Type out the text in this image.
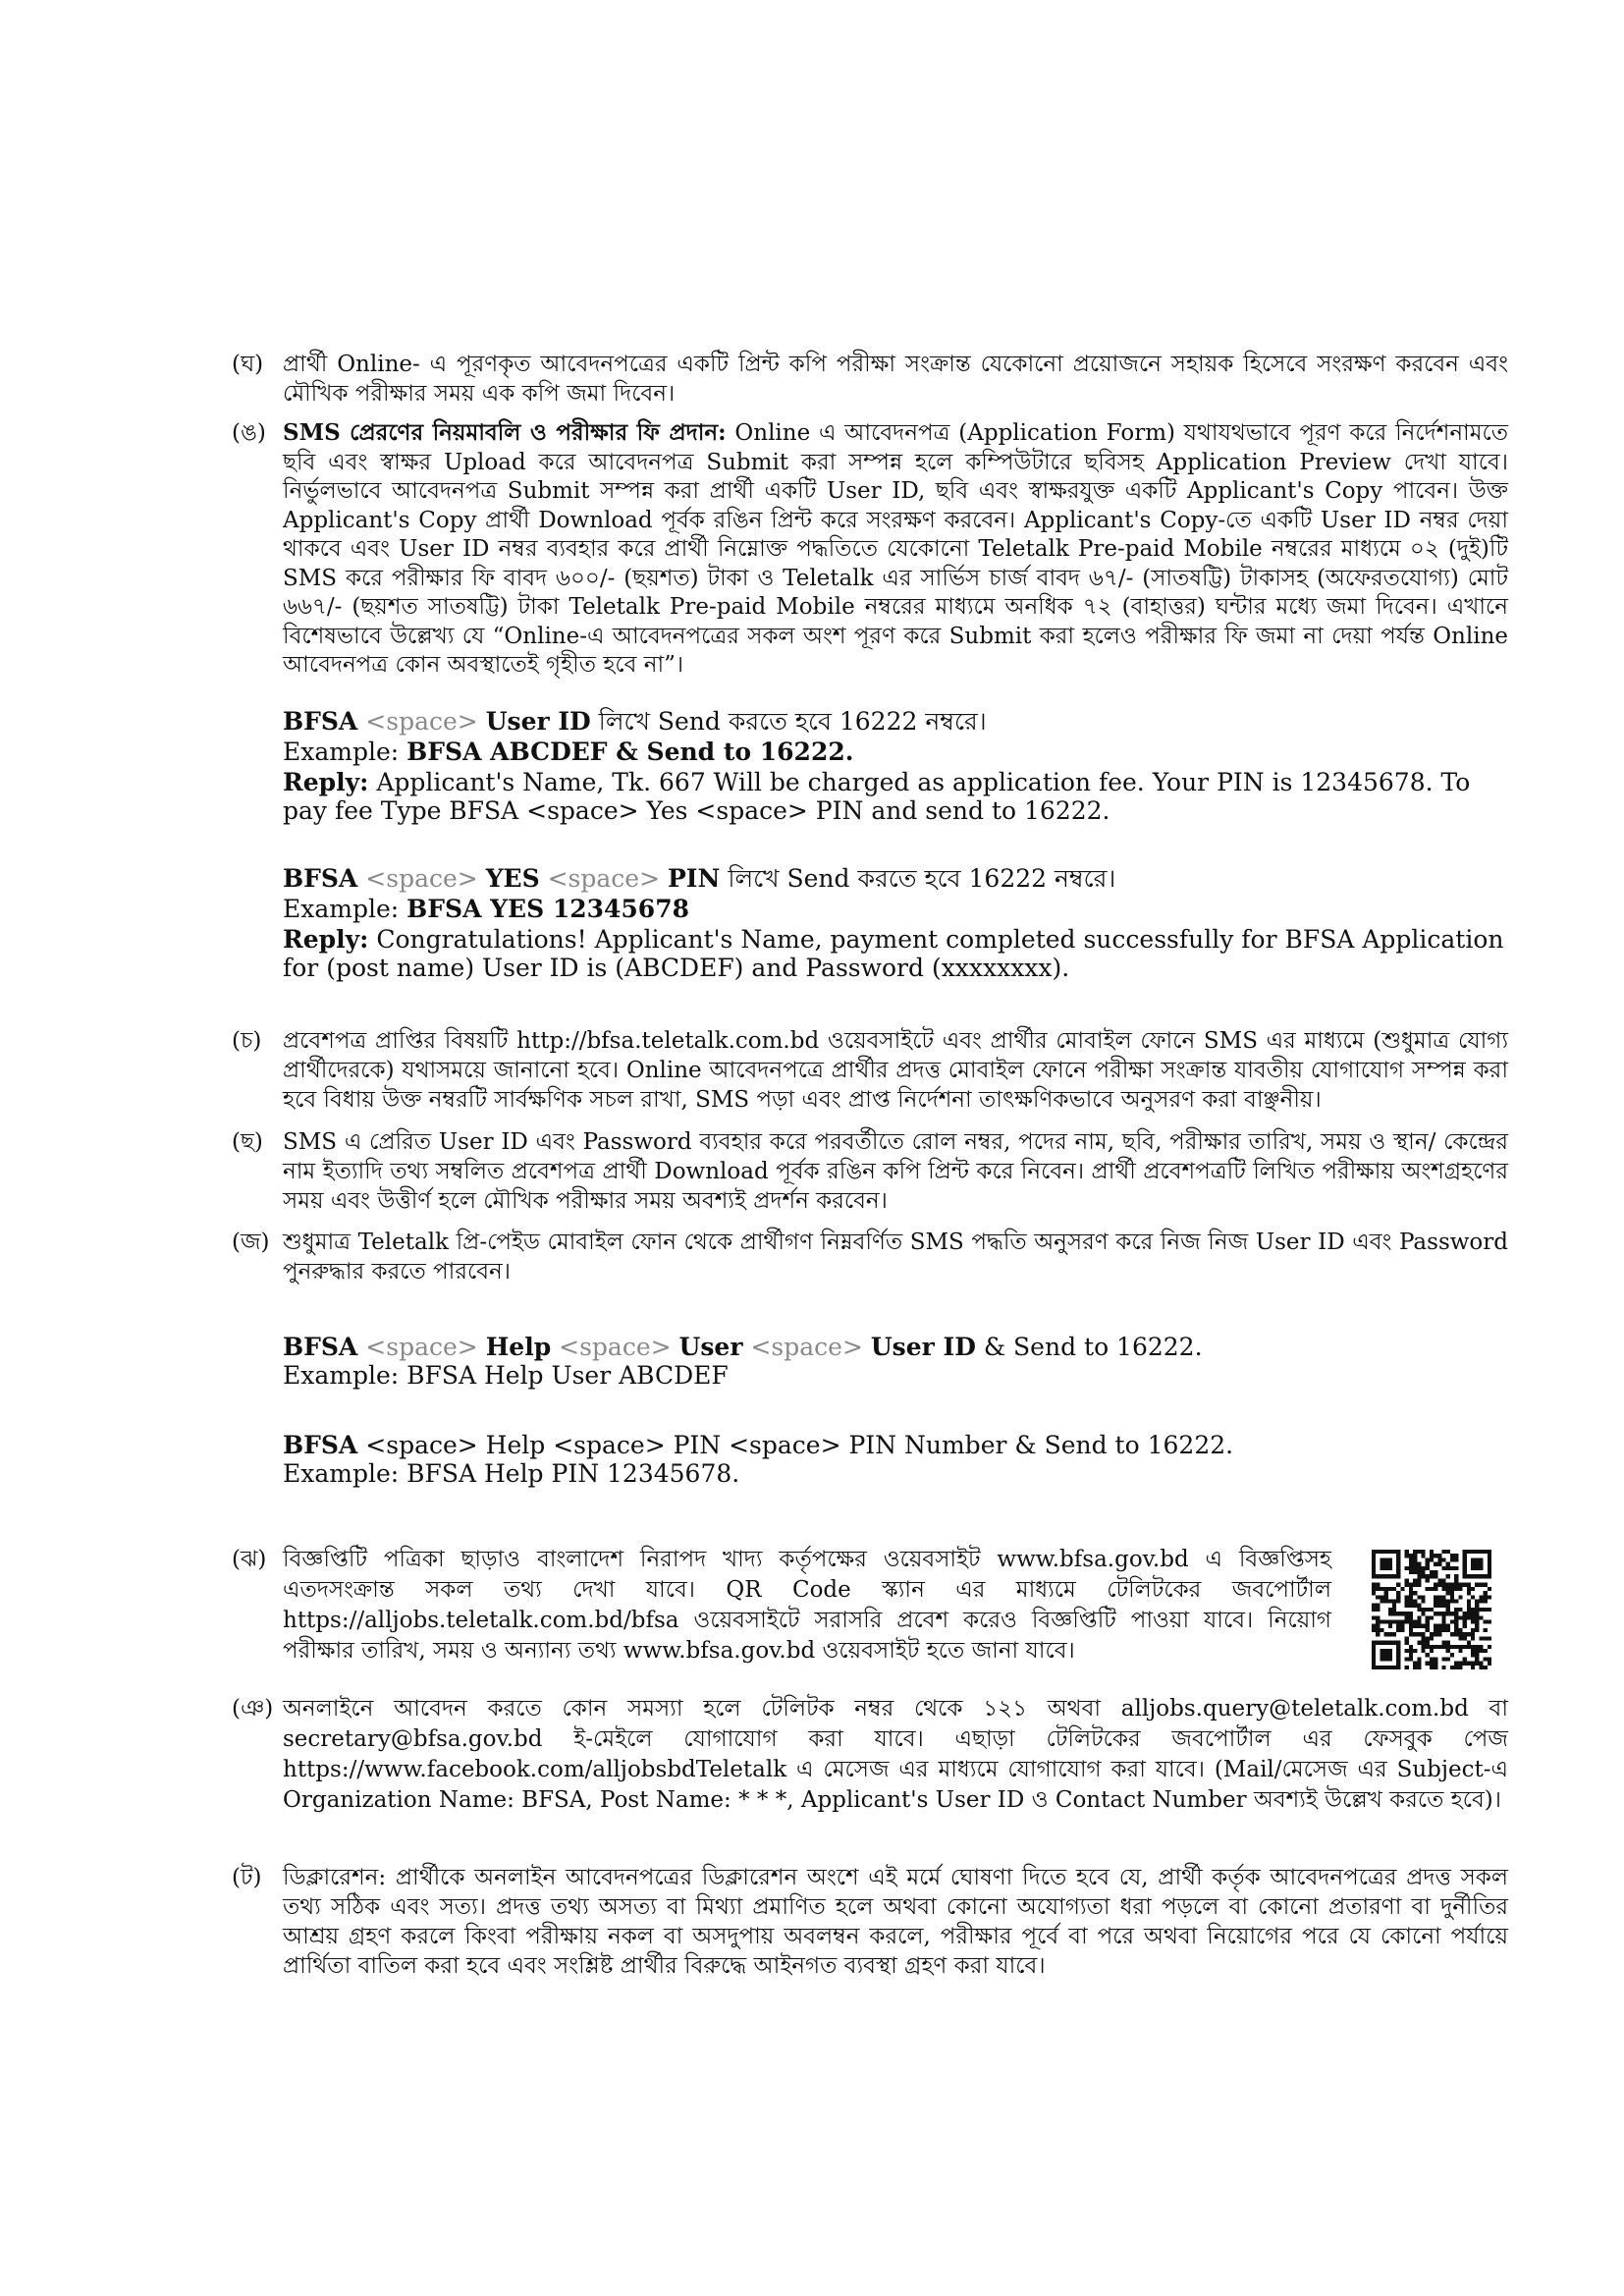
(ঘ) প্রার্থী Online- এ পূরণকৃত আবেদনপত্রের একটি প্রিন্ট কপি পরীক্ষা সংক্রান্ত যেকোনো প্রয়োজনে সহায়ক হিসেবে সংরক্ষণ করবেন এবং মৌখিক পরীক্ষার সময় এক কপি জমা দিবেন।
(ঙ) SMS প্রেরণের নিয়মাবলি ও পরীক্ষার ফি প্রদান: Online এ আবেদনপত্র (Application Form) যথাযথভাবে পূরণ করে নির্দেশনামতে ছবি এবং স্বাক্ষর Upload করে আবেদনপত্র Submit করা সম্পন্ন হলে কম্পিউটারে ছবিসহ Application Preview দেখা যাবে। নির্ভুলভাবে আবেদনপত্র Submit সম্পন্ন করা প্রার্থী একটি User ID, ছবি এবং স্বাক্ষরযুক্ত একটি Applicant's Copy পাবেন। উক্ত Applicant's Copy প্রার্থী Download পূর্বক রঙিন প্রিন্ট করে সংরক্ষণ করবেন। Applicant's Copy-তে একটি User ID নম্বর দেয়া থাকবে এবং User ID নম্বর ব্যবহার করে প্রার্থী নিম্নোক্ত পদ্ধতিতে যেকোনো Teletalk Pre-paid Mobile নম্বরের মাধ্যমে ০২ (দুই)টি SMS করে পরীক্ষার ফি বাবদ ৬০০/- (ছয়শত) টাকা ও Teletalk এর সার্ভিস চার্জ বাবদ ৬৭/- (সাতষট্টি) টাকাসহ (অফেরতযোগ্য) মোট ৬৬৭/- (ছয়শত সাতষট্টি) টাকা Teletalk Pre-paid Mobile নম্বরের মাধ্যমে অনধিক ৭২ (বাহাত্তর) ঘন্টার মধ্যে জমা দিবেন। এখানে বিশেষভাবে উল্লেখ্য যে “Online-এ আবেদনপত্রের সকল অংশ পূরণ করে Submit করা হলেও পরীক্ষার ফি জমা না দেয়া পর্যন্ত Online আবেদনপত্র কোন অবস্থাতেই গৃহীত হবে না”।
BFSA <space> User ID লিখে Send করতে হবে 16222 নম্বরে।
Example: BFSA ABCDEF & Send to 16222.
Reply: Applicant's Name, Tk. 667 Will be charged as application fee. Your PIN is 12345678. To pay fee Type BFSA <space> Yes <space> PIN and send to 16222.
BFSA <space> YES <space> PIN লিখে Send করতে হবে 16222 নম্বরে।
Example: BFSA YES 12345678
Reply: Congratulations! Applicant's Name, payment completed successfully for BFSA Application for (post name) User ID is (ABCDEF) and Password (xxxxxxxx).
(চ) প্রবেশপত্র প্রাপ্তির বিষয়টি http://bfsa.teletalk.com.bd ওয়েবসাইটে এবং প্রার্থীর মোবাইল ফোনে SMS এর মাধ্যমে (শুধুমাত্র যোগ্য প্রার্থীদেরকে) যথাসময়ে জানানো হবে। Online আবেদনপত্রে প্রার্থীর প্রদত্ত মোবাইল ফোনে পরীক্ষা সংক্রান্ত যাবতীয় যোগাযোগ সম্পন্ন করা হবে বিধায় উক্ত নম্বরটি সার্বক্ষণিক সচল রাখা, SMS পড়া এবং প্রাপ্ত নির্দেশনা তাৎক্ষণিকভাবে অনুসরণ করা বাঞ্ছনীয়।
(ছ) SMS এ প্রেরিত User ID এবং Password ব্যবহার করে পরবর্তীতে রোল নম্বর, পদের নাম, ছবি, পরীক্ষার তারিখ, সময় ও স্থান/ কেন্দ্রের নাম ইত্যাদি তথ্য সম্বলিত প্রবেশপত্র প্রার্থী Download পূর্বক রঙিন কপি প্রিন্ট করে নিবেন। প্রার্থী প্রবেশপত্রটি লিখিত পরীক্ষায় অংশগ্রহণের সময় এবং উত্তীর্ণ হলে মৌখিক পরীক্ষার সময় অবশ্যই প্রদর্শন করবেন।
(জ) শুধুমাত্র Teletalk প্রি-পেইড মোবাইল ফোন থেকে প্রার্থীগণ নিম্নবর্ণিত SMS পদ্ধতি অনুসরণ করে নিজ নিজ User ID এবং Password পুনরুদ্ধার করতে পারবেন।
BFSA <space> Help <space> User <space> User ID & Send to 16222.
Example: BFSA Help User ABCDEF
BFSA <space> Help <space> PIN <space> PIN Number & Send to 16222.
Example: BFSA Help PIN 12345678.
(ঝ) বিজ্ঞপ্তিটি পত্রিকা ছাড়াও বাংলাদেশ নিরাপদ খাদ্য কর্তৃপক্ষের ওয়েবসাইট www.bfsa.gov.bd এ বিজ্ঞপ্তিসহ এতদসংক্রান্ত সকল তথ্য দেখা যাবে। QR Code স্ক্যান এর মাধ্যমে টেলিটকের জবপোর্টাল https://alljobs.teletalk.com.bd/bfsa ওয়েবসাইটে সরাসরি প্রবেশ করেও বিজ্ঞপ্তিটি পাওয়া যাবে। নিয়োগ পরীক্ষার তারিখ, সময় ও অন্যান্য তথ্য www.bfsa.gov.bd ওয়েবসাইট হতে জানা যাবে।
(ঞ) অনলাইনে আবেদন করতে কোন সমস্যা হলে টেলিটক নম্বর থেকে ১২১ অথবা alljobs.query@teletalk.com.bd বা secretary@bfsa.gov.bd ই-মেইলে যোগাযোগ করা যাবে। এছাড়া টেলিটকের জবপোর্টাল এর ফেসবুক পেজ https://www.facebook.com/alljobsbdTeletalk এ মেসেজ এর মাধ্যমে যোগাযোগ করা যাবে। (Mail/মেসেজ এর Subject-এ Organization Name: BFSA, Post Name: * * *, Applicant's User ID ও Contact Number অবশ্যই উল্লেখ করতে হবে)।
(ট) ডিক্লারেশন: প্রার্থীকে অনলাইন আবেদনপত্রের ডিক্লারেশন অংশে এই মর্মে ঘোষণা দিতে হবে যে, প্রার্থী কর্তৃক আবেদনপত্রের প্রদত্ত সকল তথ্য সঠিক এবং সত্য। প্রদত্ত তথ্য অসত্য বা মিথ্যা প্রমাণিত হলে অথবা কোনো অযোগ্যতা ধরা পড়লে বা কোনো প্রতারণা বা দুর্নীতির আশ্রয় গ্রহণ করলে কিংবা পরীক্ষায় নকল বা অসদুপায় অবলম্বন করলে, পরীক্ষার পূর্বে বা পরে অথবা নিয়োগের পরে যে কোনো পর্যায়ে প্রার্থিতা বাতিল করা হবে এবং সংশ্লিষ্ট প্রার্থীর বিরুদ্ধে আইনগত ব্যবস্থা গ্রহণ করা যাবে।
